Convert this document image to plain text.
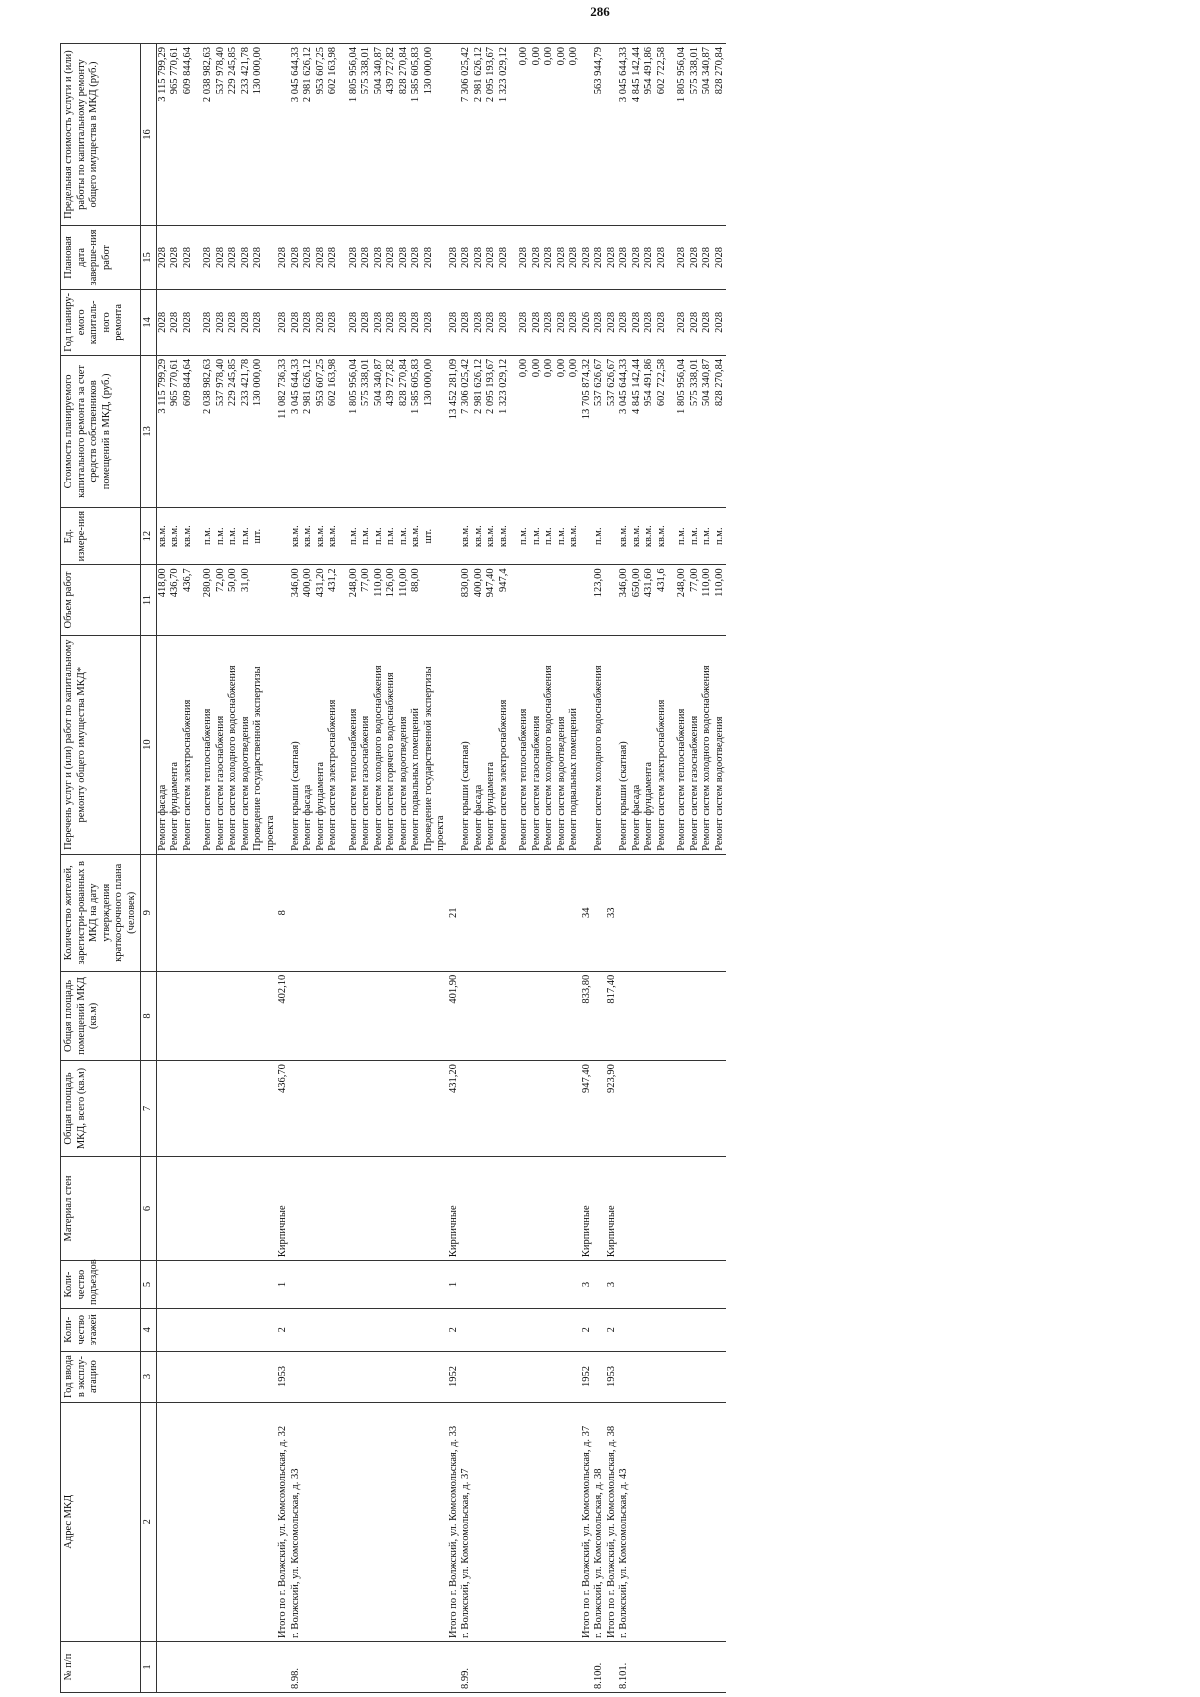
286
№ п/п	Адрес МКД	Год ввода в эксплу-атацию	Коли-чество этажей	Коли-чество подъездов	Материал стен	Общая площадь МКД, всего (кв.м)	Общая площадь помещений МКД (кв.м)	Количество жителей, зарегистри-рованных в МКД на дату утверждения краткосрочного плана (человек)	Перечень услуг и (или) работ по капитальному ремонту общего имущества МКД*	Объем работ	Ед. измере-ния	Стоимость планируемого капитального ремонта за счет средств собственников помещений в МКД, (руб.)	Год планиру-емого капиталь-ного ремонта	Плановая дата заверше-ния работ	Предельная стоимость услуги и (или) работы по капитальному ремонту общего имущества в МКД (руб.)
1	2	3	4	5	6	7	8	9	10	11	12	13	14	15	16
									Ремонт фасада	418,00	кв.м.	3 115 799,29	2028	2028	3 115 799,29
									Ремонт фундамента	436,70	кв.м.	965 770,61	2028	2028	965 770,61
									Ремонт систем электроснабжения	436,7	кв.м.	609 844,64	2028	2028	609 844,64

									Ремонт систем теплоснабжения	280,00	п.м.	2 038 982,63	2028	2028	2 038 982,63
									Ремонт систем газоснабжения	72,00	п.м.	537 978,40	2028	2028	537 978,40
									Ремонт систем холодного водоснабжения	50,00	п.м.	229 245,85	2028	2028	229 245,85
									Ремонт систем водоотведения	31,00	п.м.	233 421,78	2028	2028	233 421,78
									Проведение государственной экспертизы проекта		шт.	130 000,00	2028	2028	130 000,00
	Итого по г. Волжский, ул. Комсомольская, д. 32	1953	2	1	Кирпичные	436,70	402,10	8				11 082 736,33	2028	2028	
8.98.	г. Волжский, ул. Комсомольская, д. 33								Ремонт крыши (скатная)	346,00	кв.м.	3 045 644,33	2028	2028	3 045 644,33
									Ремонт фасада	400,00	кв.м.	2 981 626,12	2028	2028	2 981 626,12
									Ремонт фундамента	431,20	кв.м.	953 607,25	2028	2028	953 607,25
									Ремонт систем электроснабжения	431,2	кв.м.	602 163,98	2028	2028	602 163,98

									Ремонт систем теплоснабжения	248,00	п.м.	1 805 956,04	2028	2028	1 805 956,04
									Ремонт систем газоснабжения	77,00	п.м.	575 338,01	2028	2028	575 338,01
									Ремонт систем холодного водоснабжения	110,00	п.м.	504 340,87	2028	2028	504 340,87
									Ремонт систем горячего водоснабжения	126,00	п.м.	439 727,82	2028	2028	439 727,82
									Ремонт систем водоотведения	110,00	п.м.	828 270,84	2028	2028	828 270,84
									Ремонт подвальных помещений	88,00	кв.м.	1 585 605,83	2028	2028	1 585 605,83
									Проведение государственной экспертизы проекта		шт.	130 000,00	2028	2028	130 000,00
	Итого по г. Волжский, ул. Комсомольская, д. 33	1952	2	1	Кирпичные	431,20	401,90	21				13 452 281,09	2028	2028	
8.99.	г. Волжский, ул. Комсомольская, д. 37								Ремонт крыши (скатная)	830,00	кв.м.	7 306 025,42	2028	2028	7 306 025,42
									Ремонт фасада	400,00	кв.м.	2 981 626,12	2028	2028	2 981 626,12
									Ремонт фундамента	947,40	кв.м.	2 095 193,67	2028	2028	2 095 193,67
									Ремонт систем электроснабжения	947,4	кв.м.	1 323 029,12	2028	2028	1 323 029,12

									Ремонт систем теплоснабжения		п.м.	0,00	2028	2028	0,00
									Ремонт систем газоснабжения		п.м.	0,00	2028	2028	0,00
									Ремонт систем холодного водоснабжения		п.м.	0,00	2028	2028	0,00
									Ремонт систем водоотведения		п.м.	0,00	2028	2028	0,00
									Ремонт подвальных помещений		кв.м.	0,00	2028	2028	0,00
	Итого по г. Волжский, ул. Комсомольская, д. 37	1952	2	3	Кирпичные	947,40	833,80	34				13 705 874,32	2026	2028	
8.100.	г. Волжский, ул. Комсомольская, д. 38								Ремонт систем холодного водоснабжения	123,00	п.м.	537 626,67	2028	2028	563 944,79
	Итого по г. Волжский, ул. Комсомольская, д. 38	1953	2	3	Кирпичные	923,90	817,40	33				537 626,67	2028	2028	
8.101.	г. Волжский, ул. Комсомольская, д. 43								Ремонт крыши (скатная)	346,00	кв.м.	3 045 644,33	2028	2028	3 045 644,33
									Ремонт фасада	650,00	кв.м.	4 845 142,44	2028	2028	4 845 142,44
									Ремонт фундамента	431,60	кв.м.	954 491,86	2028	2028	954 491,86
									Ремонт систем электроснабжения	431,6	кв.м.	602 722,58	2028	2028	602 722,58

									Ремонт систем теплоснабжения	248,00	п.м.	1 805 956,04	2028	2028	1 805 956,04
									Ремонт систем газоснабжения	77,00	п.м.	575 338,01	2028	2028	575 338,01
									Ремонт систем холодного водоснабжения	110,00	п.м.	504 340,87	2028	2028	504 340,87
									Ремонт систем водоотведения	110,00	п.м.	828 270,84	2028	2028	828 270,84
